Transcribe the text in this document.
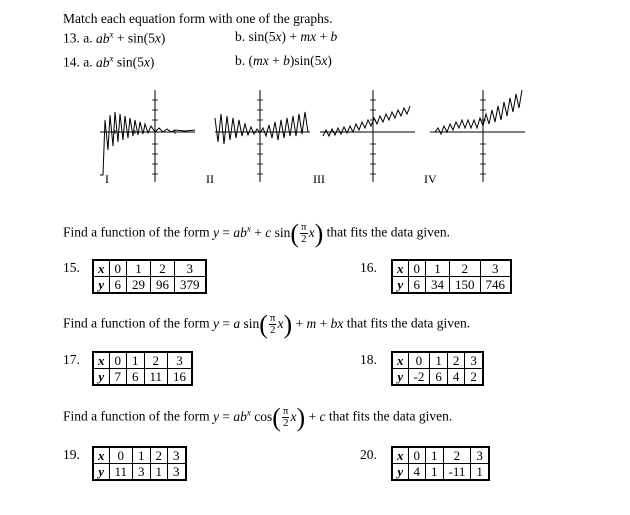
Match each equation form with one of the graphs.
13. a. $ab^x + \sin(5x)$	b. sin(5x) + mx + b
14. a. $ab^x$ sin(5x)	b. (mx + b)sin(5x)
I	II	III	IV
Find a function of the form $y = ab^x + c$ $\sin( \frac{\pi}{2} x)$ that fits the data given.
15. x	0	1	2	3
y	6	29	96	379
16. x	0	1	2	3
y	6	34	150	746
Find a function of the form y = a $\sin( \frac{\pi}{2} x) + m$ + bx that fits the data given.
17. x	0	1	2	3
y	7	6	11	16
18. x	0	1	2	3
y	-2	6	4	2
Find a function of the form $y = ab^x$ $\cos( \frac{\pi}{2} x) + c$ that fits the data given.
19. x	0	1	2	3
y	11	3	1	3
20. x	0	1	2	3
y	4	1	-11	1
